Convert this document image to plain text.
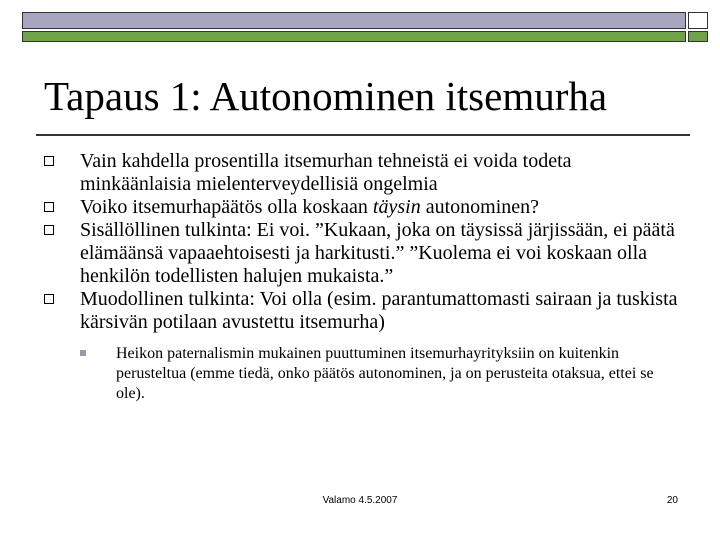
Tapaus 1: Autonominen itsemurha
Vain kahdella prosentilla itsemurhan tehneistä ei voida todeta minkäänlaisia mielenterveydellisiä ongelmia
Voiko itsemurhapäätös olla koskaan täysin autonominen?
Sisällöllinen tulkinta: Ei voi. ”Kukaan, joka on täysissä järjissään, ei päätä elämäänsä vapaaehtoisesti ja harkitusti.” ”Kuolema ei voi koskaan olla henkilön todellisten halujen mukaista.”
Muodollinen tulkinta: Voi olla (esim. parantumattomasti sairaan ja tuskista kärsivän potilaan avustettu itsemurha)
Heikon paternalismin mukainen puuttuminen itsemurhayrityksiin on kuitenkin perusteltua (emme tiedä, onko päätös autonominen, ja on perusteita otaksua, ettei se ole).
Valamo 4.5.2007	20
